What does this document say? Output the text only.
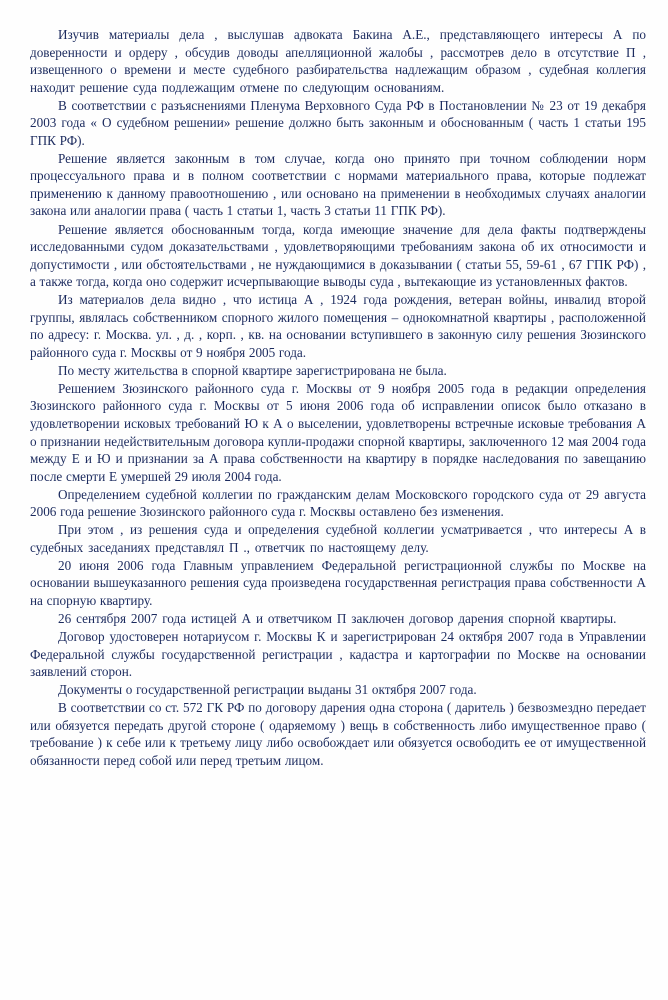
Изучив материалы дела , выслушав адвоката Бакина А.Е., представляющего интересы А по доверенности и ордеру , обсудив доводы апелляционной жалобы , рассмотрев дело в отсутствие П , извещенного о времени и месте судебного разбирательства надлежащим образом , судебная коллегия находит решение суда подлежащим отмене по следующим основаниям.

В соответствии с разъяснениями Пленума Верховного Суда РФ в Постановлении № 23 от 19 декабря 2003 года « О судебном решении» решение должно быть законным и обоснованным ( часть 1 статьи 195 ГПК РФ).

Решение является законным в том случае, когда оно принято при точном соблюдении норм процессуального права и в полном соответствии с нормами материального права, которые подлежат применению к данному правоотношению , или основано на применении в необходимых случаях аналогии закона или аналогии права ( часть 1 статьи 1, часть 3 статьи 11 ГПК РФ).

Решение является обоснованным тогда, когда имеющие значение для дела факты подтверждены исследованными судом доказательствами , удовлетворяющими требованиям закона об их относимости и допустимости , или обстоятельствами , не нуждающимися в доказывании ( статьи 55, 59-61 , 67 ГПК РФ) , а также тогда, когда оно содержит исчерпывающие выводы суда , вытекающие из установленных фактов.

Из материалов дела видно , что истица А , 1924 года рождения, ветеран войны, инвалид второй группы, являлась собственником спорного жилого помещения – однокомнатной квартиры , расположенной по адресу: г. Москва. ул. , д. , корп. , кв. на основании вступившего в законную силу решения Зюзинского районного суда г. Москвы от 9 ноября 2005 года.

По месту жительства в спорной квартире зарегистрирована не была.

Решением Зюзинского районного суда г. Москвы от 9 ноября 2005 года в редакции определения Зюзинского районного суда г. Москвы от 5 июня 2006 года об исправлении описок было отказано в удовлетворении исковых требований Ю к А о выселении, удовлетворены встречные исковые требования А о признании недействительным договора купли-продажи спорной квартиры, заключенного 12 мая 2004 года между Е и Ю и признании за А права собственности на квартиру в порядке наследования по завещанию после смерти Е умершей 29 июля 2004 года.

Определением судебной коллегии по гражданским делам Московского городского суда от 29 августа 2006 года решение Зюзинского районного суда г. Москвы оставлено без изменения.

При этом , из решения суда и определения судебной коллегии усматривается , что интересы А в судебных заседаниях представлял П ., ответчик по настоящему делу.

20 июня 2006 года Главным управлением Федеральной регистрационной службы по Москве на основании вышеуказанного решения суда произведена государственная регистрация права собственности А на спорную квартиру.

26 сентября 2007 года истицей А и ответчиком П заключен договор дарения спорной квартиры.

Договор удостоверен нотариусом г. Москвы К и зарегистрирован 24 октября 2007 года в Управлении Федеральной службы государственной регистрации , кадастра и картографии по Москве на основании заявлений сторон.

Документы о государственной регистрации выданы 31 октября 2007 года.

В соответствии со ст. 572 ГК РФ по договору дарения одна сторона ( даритель ) безвозмездно передает или обязуется передать другой стороне ( одаряемому ) вещь в собственность либо имущественное право ( требование ) к себе или к третьему лицу либо освобождает или обязуется освободить ее от имущественной обязанности перед собой или перед третьим лицом.
